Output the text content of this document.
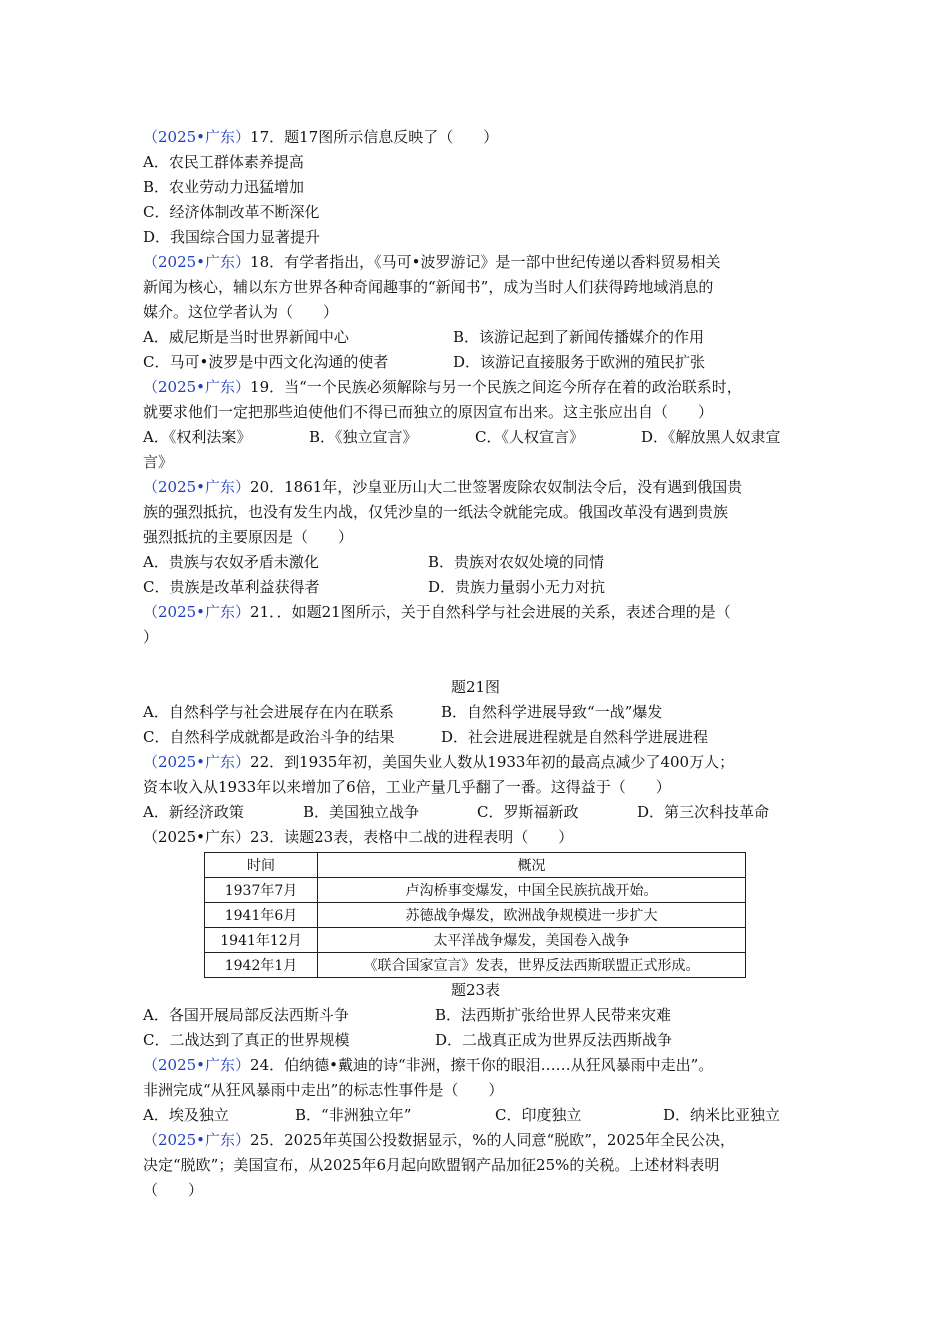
（2025•广东）17．题17图所示信息反映了（　　）
A．农民工群体素养提高
B．农业劳动力迅猛增加
C．经济体制改革不断深化
D．我国综合国力显著提升
（2025•广东）18．有学者指出，《马可•波罗游记》是一部中世纪传递以香料贸易相关
新闻为核心，辅以东方世界各种奇闻趣事的“新闻书”，成为当时人们获得跨地域消息的
媒介。这位学者认为（　　）
A．威尼斯是当时世界新闻中心	B．该游记起到了新闻传播媒介的作用
C．马可•波罗是中西文化沟通的使者	D．该游记直接服务于欧洲的殖民扩张
（2025•广东）19．当“一个民族必须解除与另一个民族之间迄今所存在着的政治联系时，
就要求他们一定把那些迫使他们不得已而独立的原因宣布出来。这主张应出自（　　）
A．《权利法案》	B．《独立宣言》	C．《人权宣言》	D．《解放黑人奴隶宣
言》
（2025•广东）20．1861年，沙皇亚历山大二世签署废除农奴制法令后，没有遇到俄国贵
族的强烈抵抗，也没有发生内战，仅凭沙皇的一纸法令就能完成。俄国改革没有遇到贵族
强烈抵抗的主要原因是（　　）
A．贵族与农奴矛盾未激化	B．贵族对农奴处境的同情
C．贵族是改革利益获得者	D．贵族力量弱小无力对抗
（2025•广东）21．．如题21图所示，关于自然科学与社会进展的关系，表述合理的是（
）
题21图
A．自然科学与社会进展存在内在联系	B．自然科学进展导致“一战”爆发
C．自然科学成就都是政治斗争的结果	D．社会进展进程就是自然科学进展进程
（2025•广东）22．到1935年初，美国失业人数从1933年初的最高点减少了400万人；
资本收入从1933年以来增加了6倍，工业产量几乎翻了一番。这得益于（　　）
A．新经济政策	B．美国独立战争	C．罗斯福新政	D．第三次科技革命
（2025•广东）23．读题23表，表格中二战的进程表明（　　）
时间	概况
1937年7月	卢沟桥事变爆发，中国全民族抗战开始。
1941年6月	苏德战争爆发，欧洲战争规模进一步扩大
1941年12月	太平洋战争爆发，美国卷入战争
1942年1月	《联合国家宣言》发表，世界反法西斯联盟正式形成。
题23表
A．各国开展局部反法西斯斗争	B．法西斯扩张给世界人民带来灾难
C．二战达到了真正的世界规模	D．二战真正成为世界反法西斯战争
（2025•广东）24．伯纳德•戴迪的诗“非洲，擦干你的眼泪……从狂风暴雨中走出”。
非洲完成“从狂风暴雨中走出”的标志性事件是（　　）
A．埃及独立	B．“非洲独立年”	C．印度独立	D．纳米比亚独立
（2025•广东）25．2025年英国公投数据显示，%的人同意“脱欧”，2025年全民公决，
决定“脱欧”；美国宣布，从2025年6月起向欧盟钢产品加征25%的关税。上述材料表明
（　　）
